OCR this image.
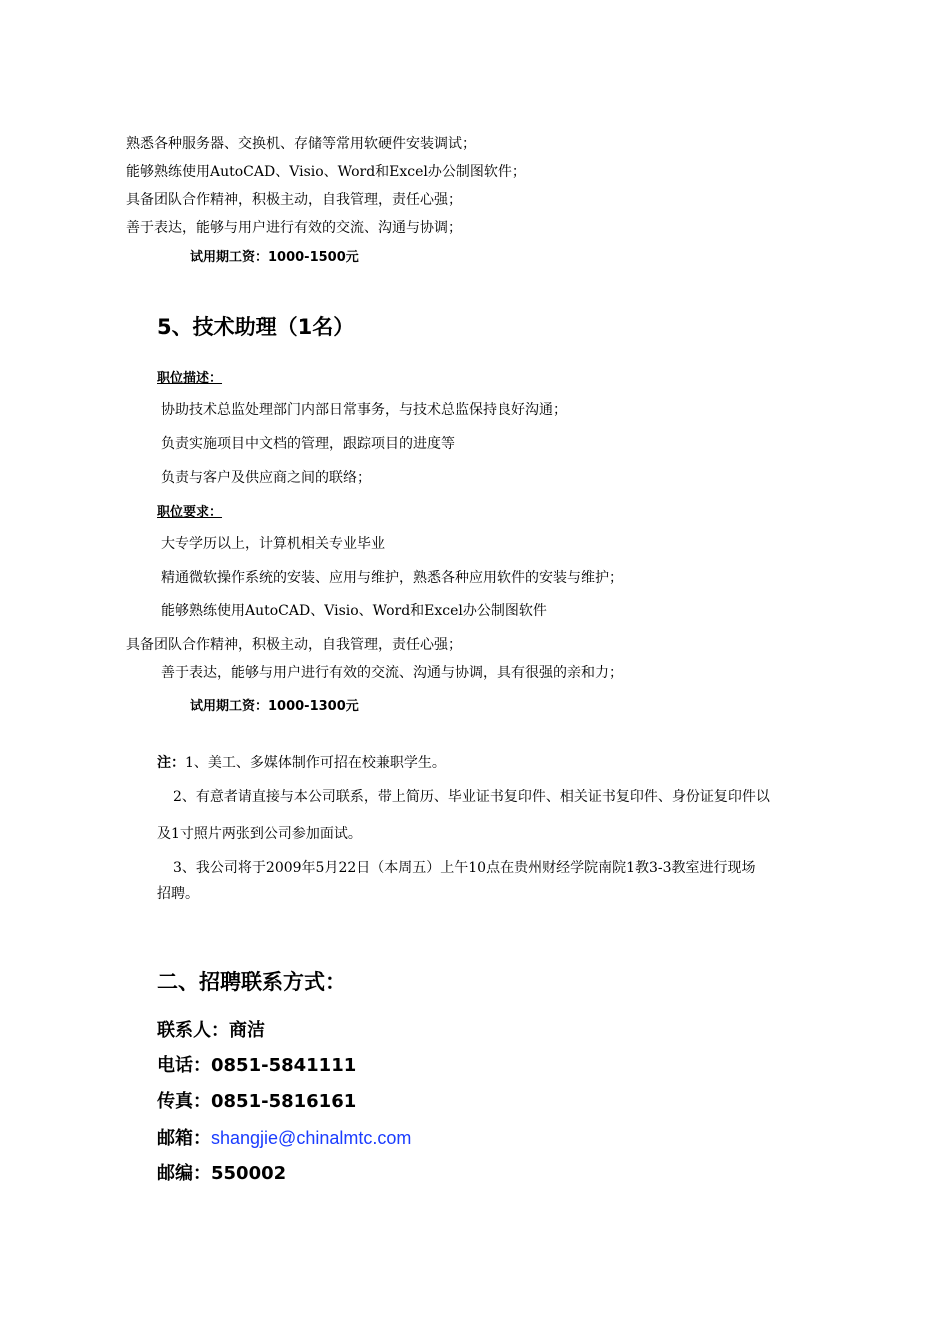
熟悉各种服务器、交换机、存储等常用软硬件安装调试；
能够熟练使用AutoCAD、Visio、Word和Excel办公制图软件；
具备团队合作精神，积极主动，自我管理，责任心强；
善于表达，能够与用户进行有效的交流、沟通与协调；
试用期工资：1000-1500元
5、技术助理（1名）
职位描述：
协助技术总监处理部门内部日常事务，与技术总监保持良好沟通；
负责实施项目中文档的管理，跟踪项目的进度等
负责与客户及供应商之间的联络；
职位要求：
大专学历以上，计算机相关专业毕业
精通微软操作系统的安装、应用与维护，熟悉各种应用软件的安装与维护；
能够熟练使用AutoCAD、Visio、Word和Excel办公制图软件
具备团队合作精神，积极主动，自我管理，责任心强；
善于表达，能够与用户进行有效的交流、沟通与协调，具有很强的亲和力；
试用期工资：1000-1300元
注：1、美工、多媒体制作可招在校兼职学生。
2、有意者请直接与本公司联系，带上简历、毕业证书复印件、相关证书复印件、身份证复印件以
及1寸照片两张到公司参加面试。
3、我公司将于2009年5月22日（本周五）上午10点在贵州财经学院南院1教3-3教室进行现场
招聘。
二、招聘联系方式：
联系人：商洁
电话：0851-5841111
传真：0851-5816161
邮箱：shangjie@chinalmtc.com
邮编：550002
